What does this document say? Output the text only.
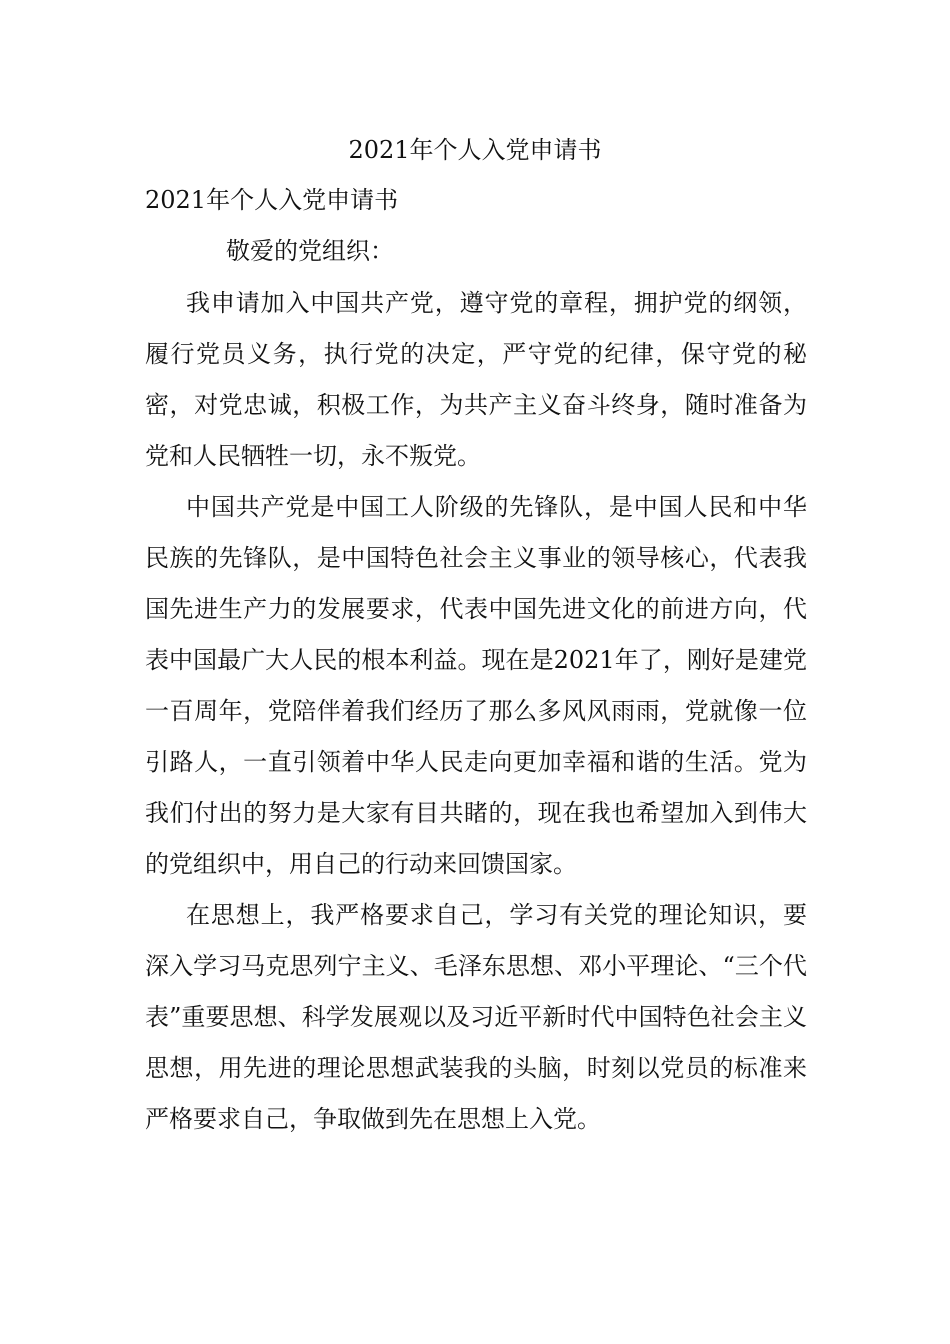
2021年个人入党申请书
2021年个人入党申请书
敬爱的党组织：

我申请加入中国共产党，遵守党的章程，拥护党的纲领，履行党员义务，执行党的决定，严守党的纪律，保守党的秘密，对党忠诚，积极工作，为共产主义奋斗终身，随时准备为党和人民牺牲一切，永不叛党。

中国共产党是中国工人阶级的先锋队，是中国人民和中华民族的先锋队，是中国特色社会主义事业的领导核心，代表我国先进生产力的发展要求，代表中国先进文化的前进方向，代表中国最广大人民的根本利益。现在是2021年了，刚好是建党一百周年，党陪伴着我们经历了那么多风风雨雨，党就像一位引路人，一直引领着中华人民走向更加幸福和谐的生活。党为我们付出的努力是大家有目共睹的，现在我也希望加入到伟大的党组织中，用自己的行动来回馈国家。

在思想上，我严格要求自己，学习有关党的理论知识，要深入学习马克思列宁主义、毛泽东思想、邓小平理论、“三个代表”重要思想、科学发展观以及习近平新时代中国特色社会主义思想，用先进的理论思想武装我的头脑，时刻以党员的标准来严格要求自己，争取做到先在思想上入党。
